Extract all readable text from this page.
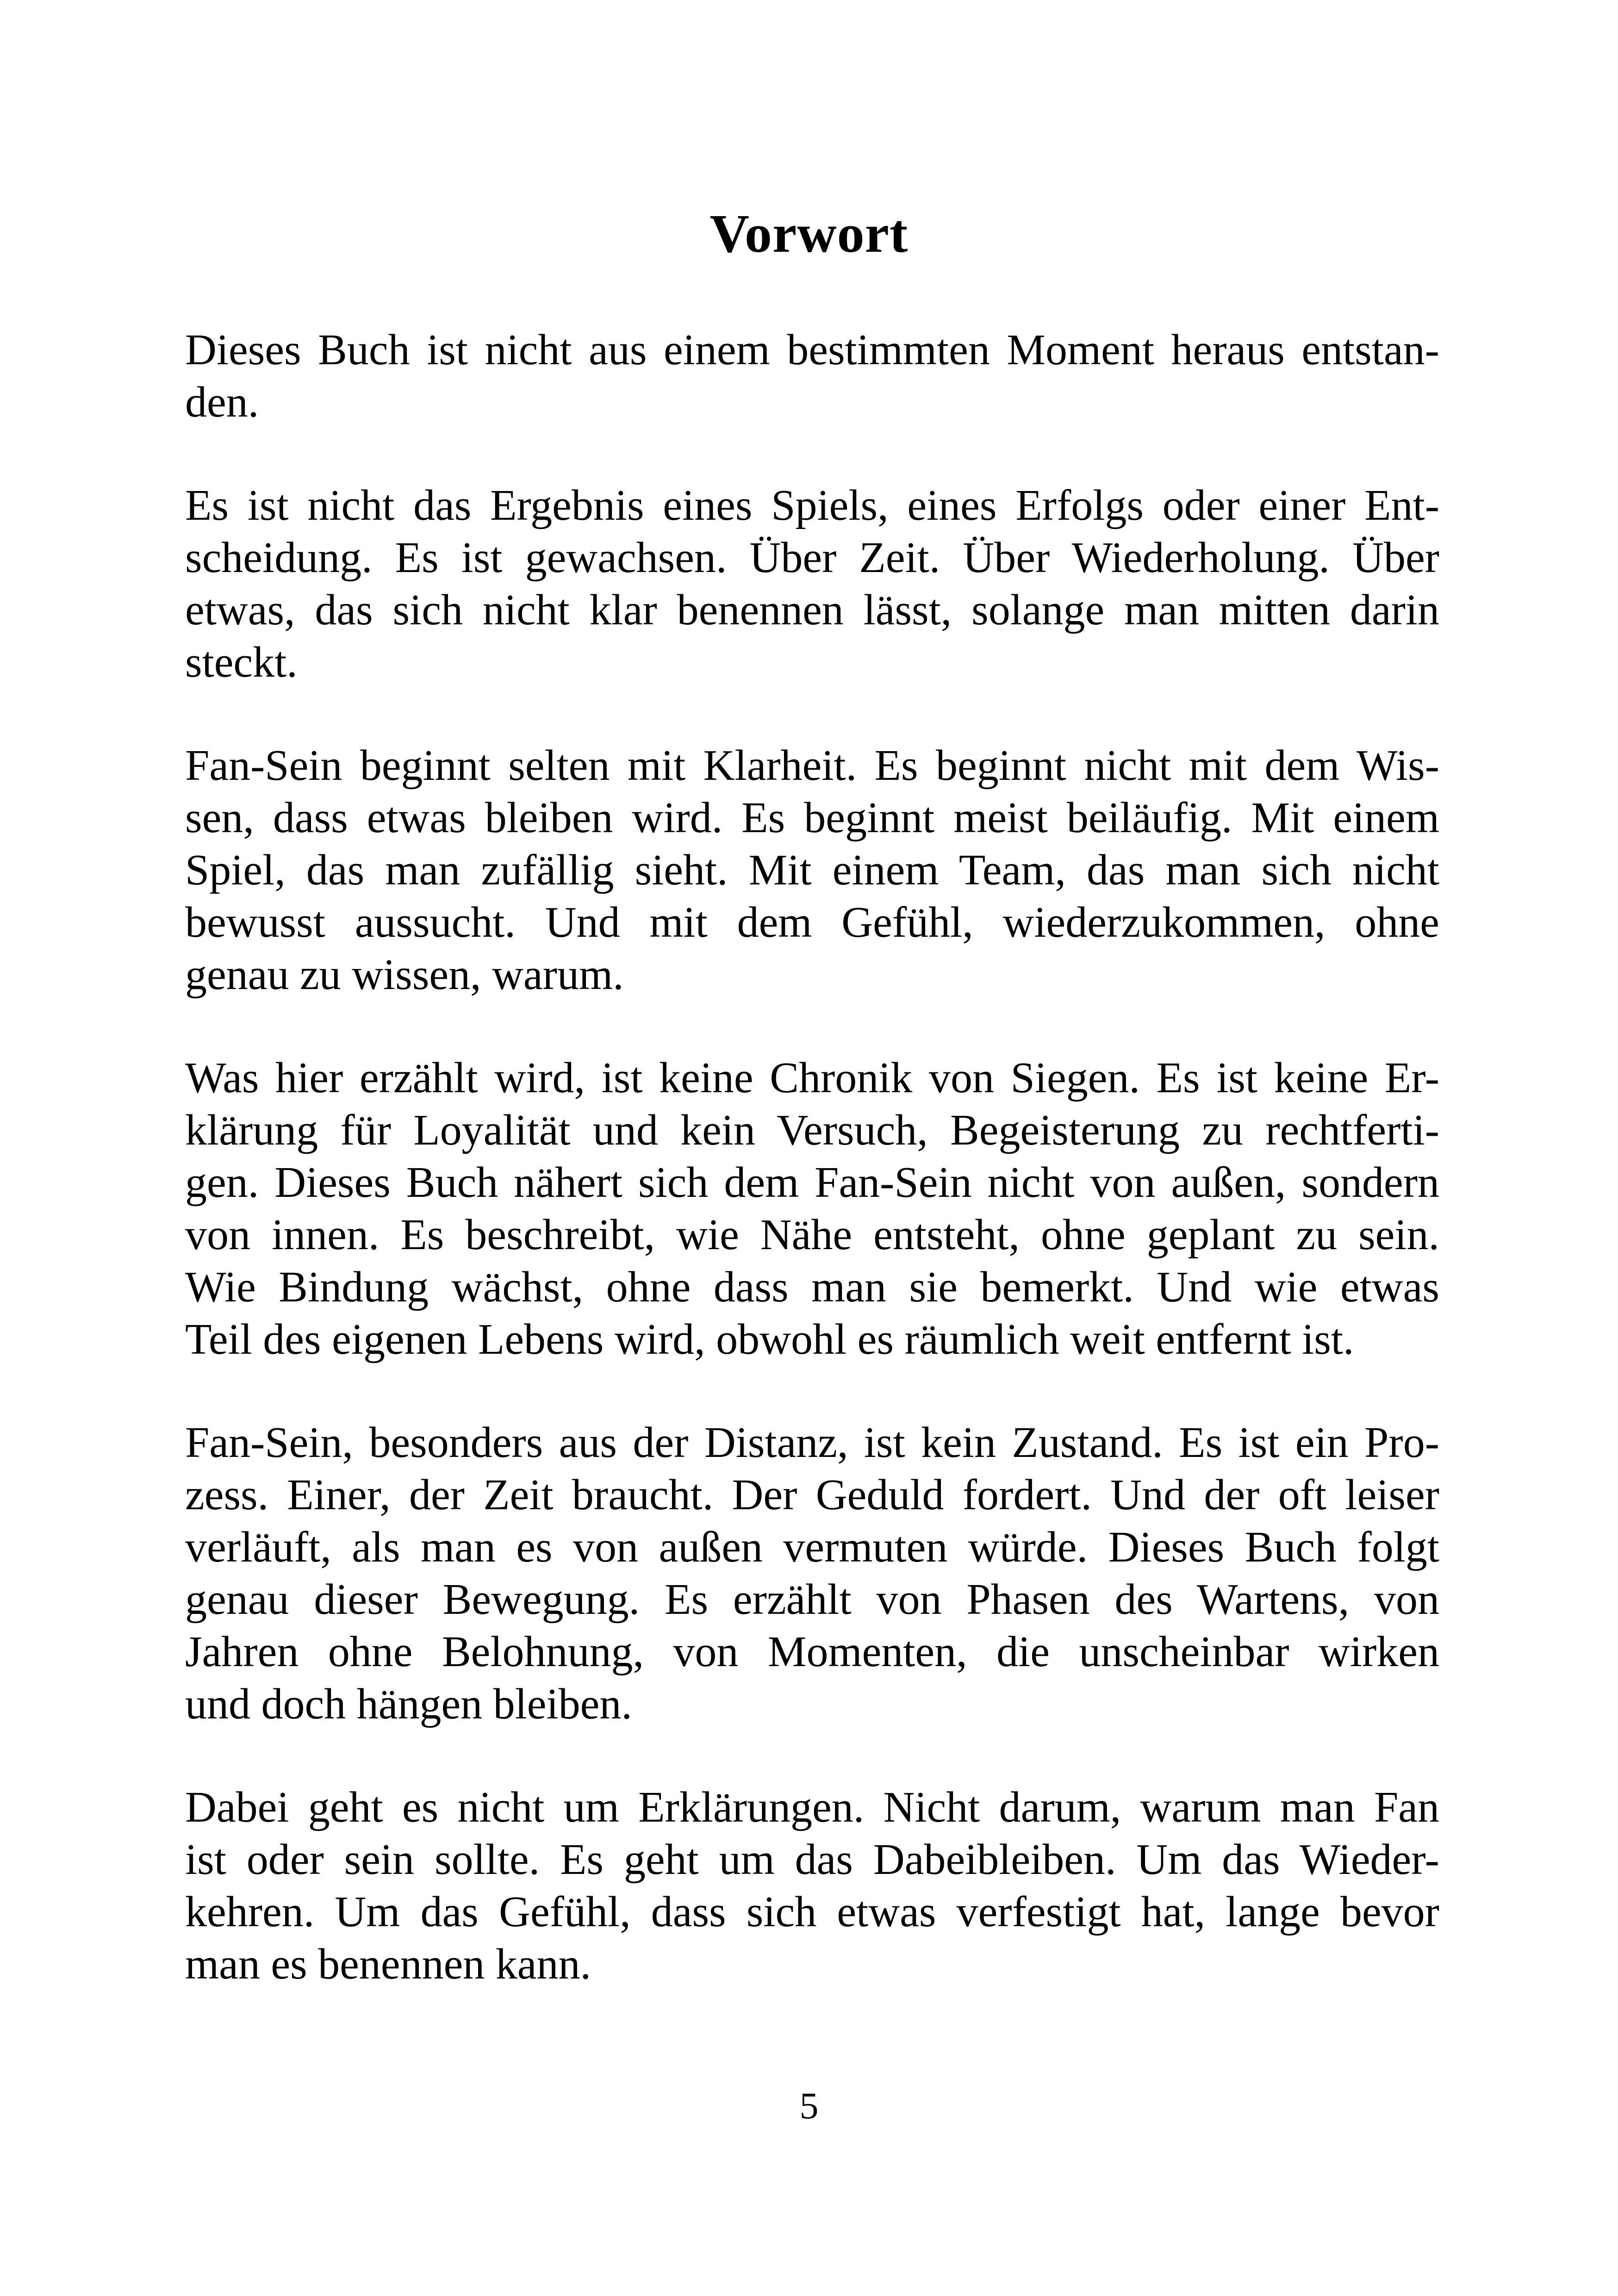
Vorwort

Dieses Buch ist nicht aus einem bestimmten Moment heraus entstan-
den.

Es ist nicht das Ergebnis eines Spiels, eines Erfolgs oder einer Ent-
scheidung. Es ist gewachsen. Über Zeit. Über Wiederholung. Über
etwas, das sich nicht klar benennen lässt, solange man mitten darin
steckt.

Fan-Sein beginnt selten mit Klarheit. Es beginnt nicht mit dem Wis-
sen, dass etwas bleiben wird. Es beginnt meist beiläufig. Mit einem
Spiel, das man zufällig sieht. Mit einem Team, das man sich nicht
bewusst aussucht. Und mit dem Gefühl, wiederzukommen, ohne
genau zu wissen, warum.

Was hier erzählt wird, ist keine Chronik von Siegen. Es ist keine Er-
klärung für Loyalität und kein Versuch, Begeisterung zu rechtferti-
gen. Dieses Buch nähert sich dem Fan-Sein nicht von außen, sondern
von innen. Es beschreibt, wie Nähe entsteht, ohne geplant zu sein.
Wie Bindung wächst, ohne dass man sie bemerkt. Und wie etwas
Teil des eigenen Lebens wird, obwohl es räumlich weit entfernt ist.

Fan-Sein, besonders aus der Distanz, ist kein Zustand. Es ist ein Pro-
zess. Einer, der Zeit braucht. Der Geduld fordert. Und der oft leiser
verläuft, als man es von außen vermuten würde. Dieses Buch folgt
genau dieser Bewegung. Es erzählt von Phasen des Wartens, von
Jahren ohne Belohnung, von Momenten, die unscheinbar wirken
und doch hängen bleiben.

Dabei geht es nicht um Erklärungen. Nicht darum, warum man Fan
ist oder sein sollte. Es geht um das Dabeibleiben. Um das Wieder-
kehren. Um das Gefühl, dass sich etwas verfestigt hat, lange bevor
man es benennen kann.

5
